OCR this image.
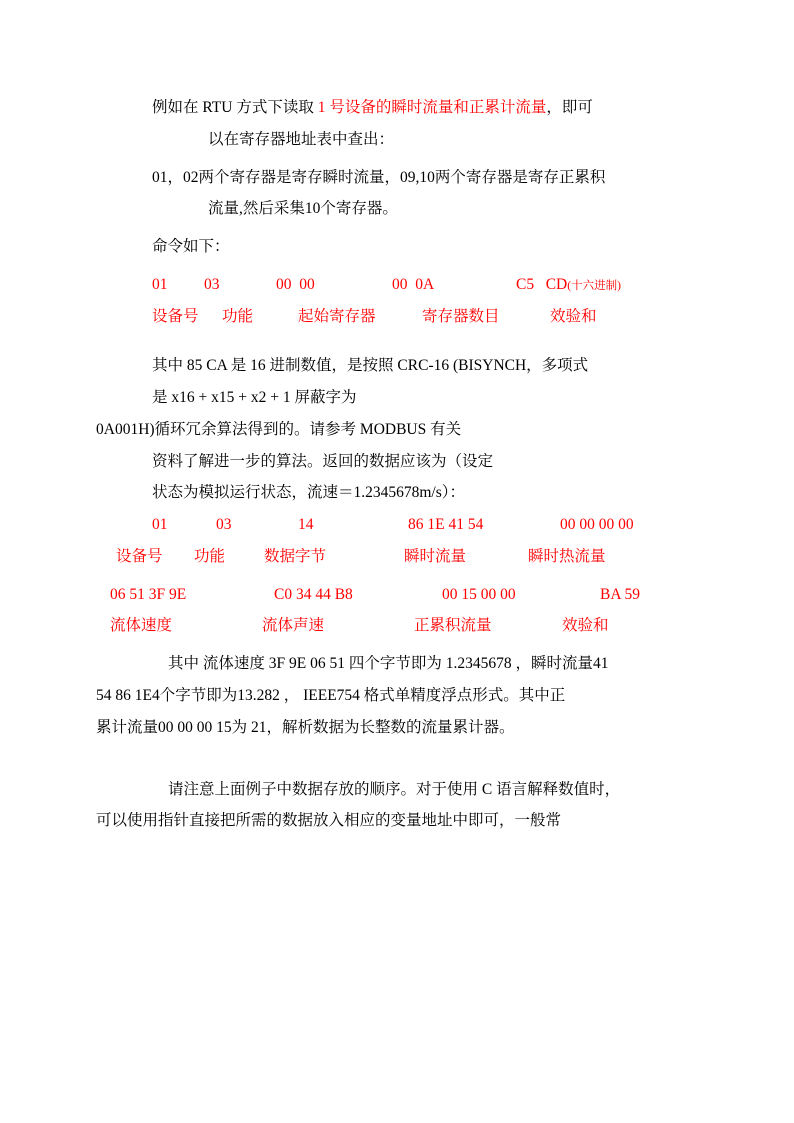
例如在 RTU 方式下读取 1 号设备的瞬时流量和正累计流量，即可

以在寄存器地址表中查出：

01，02两个寄存器是寄存瞬时流量，09,10两个寄存器是寄存正累积

流量,然后采集10个寄存器。

命令如下：

01	03	00  00	00  0A	C5   CD (十六进制)
设备号	功能	起始寄存器	寄存器数目	效验和

其中 85 CA 是 16 进制数值，是按照 CRC-16 (BISYNCH，多项式

是 x16 + x15 + x2 + 1 屏蔽字为

0A001H)循环冗余算法得到的。请参考 MODBUS 有关

资料了解进一步的算法。返回的数据应该为（设定

状态为模拟运行状态，流速＝1.2345678m/s）：

01	03	14	86 1E 41 54	00 00 00 00
设备号	功能	数据字节	瞬时流量	瞬时热流量
06 51 3F 9E	C0 34 44 B8	00 15 00 00	BA 59
流体速度	流体声速	正累积流量	效验和

其中 流体速度 3F 9E 06 51 四个字节即为 1.2345678 ，瞬时流量41

54 86 1E4个字节即为13.282 ， IEEE754 格式单精度浮点形式。其中正

累计流量00 00 00 15为 21，解析数据为长整数的流量累计器。

请注意上面例子中数据存放的顺序。对于使用 C 语言解释数值时，

可以使用指针直接把所需的数据放入相应的变量地址中即可，一般常
